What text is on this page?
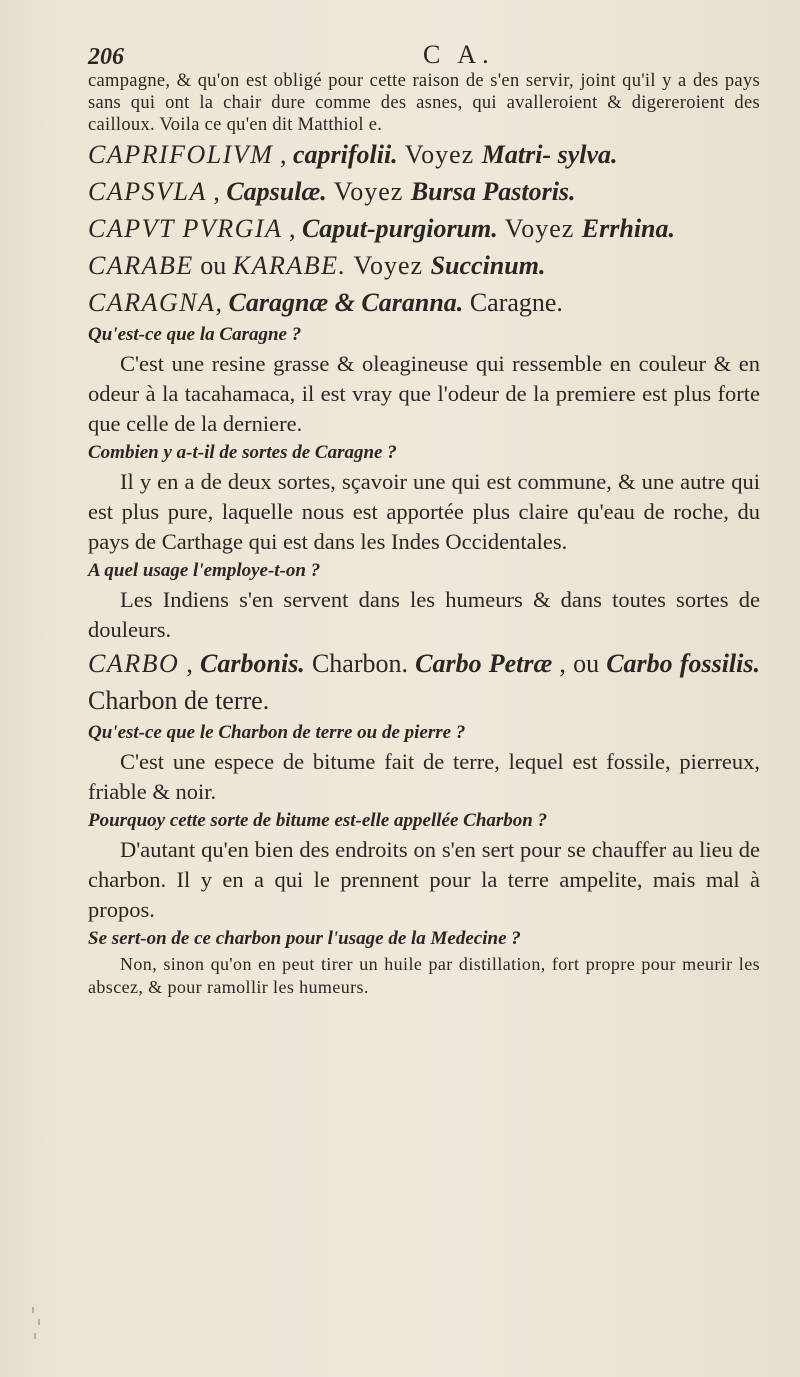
206	C A.

campagne, & qu'on est obligé pour cette raison de s'en servir, joint qu'il y a des pays sans qui ont la chair dure comme des asnes, qui avalleroient & digereroient des cailloux. Voila ce qu'en dit Matthiol e.

CAPRIFOLIVM , caprifolii. Voyez Matri- sylva.

CAPSVLA , Capsulæ. Voyez Bursa Pastoris.

CAPVT PVRGIA , Caput-purgiorum. Voyez Errhina.

CARABE ou KARABE. Voyez Succinum.

CARAGNA, Caragnæ & Caranna. Caragne.

Qu'est-ce que la Caragne ?

C'est une resine grasse & oleagineuse qui ressemble en couleur & en odeur à la tacahamaca, il est vray que l'odeur de la premiere est plus forte que celle de la derniere.

Combien y a-t-il de sortes de Caragne ?

Il y en a de deux sortes, sçavoir une qui est commune, & une autre qui est plus pure, laquelle nous est apportée plus claire qu'eau de roche, du pays de Carthage qui est dans les Indes Occidentales.

A quel usage l'employe-t-on ?

Les Indiens s'en servent dans les humeurs & dans toutes sortes de douleurs.

CARBO , Carbonis. Charbon. Carbo Petræ , ou Carbo fossilis. Charbon de terre.

Qu'est-ce que le Charbon de terre ou de pierre ?

C'est une espece de bitume fait de terre, lequel est fossile, pierreux, friable & noir.

Pourquoy cette sorte de bitume est-elle appellée Charbon ?

D'autant qu'en bien des endroits on s'en sert pour se chauffer au lieu de charbon. Il y en a qui le prennent pour la terre ampelite, mais mal à propos.

Se sert-on de ce charbon pour l'usage de la Medecine ?

Non, sinon qu'on en peut tirer un huile par distillation, fort propre pour meurir les abscez, & pour ramollir les humeurs.
